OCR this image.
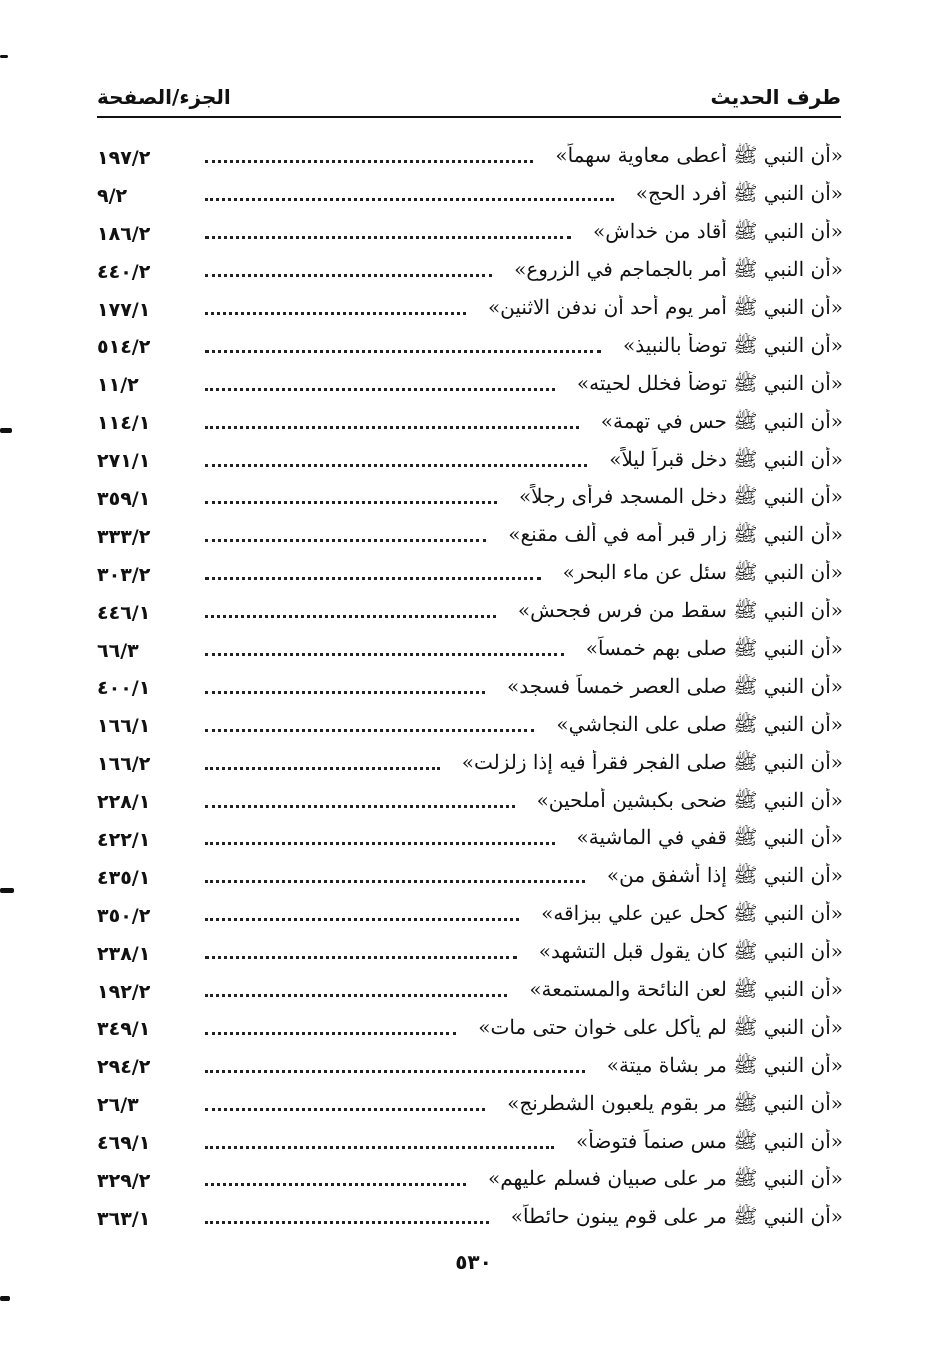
طرف الحديث
الجزء/الصفحة
«أن النبي ﷺ أعطى معاوية سهماً»
١٩٧/٢
«أن النبي ﷺ أفرد الحج»
٩/٢
«أن النبي ﷺ أقاد من خداش»
١٨٦/٢
«أن النبي ﷺ أمر بالجماجم في الزروع»
٤٤٠/٢
«أن النبي ﷺ أمر يوم أحد أن ندفن الاثنين»
١٧٧/١
«أن النبي ﷺ توضأ بالنبيذ»
٥١٤/٢
«أن النبي ﷺ توضأ فخلل لحيته»
١١/٢
«أن النبي ﷺ حس في تهمة»
١١٤/١
«أن النبي ﷺ دخل قبراً ليلاً»
٢٧١/١
«أن النبي ﷺ دخل المسجد فرأى رجلاً»
٣٥٩/١
«أن النبي ﷺ زار قبر أمه في ألف مقنع»
٣٣٣/٢
«أن النبي ﷺ سئل عن ماء البحر»
٣٠٣/٢
«أن النبي ﷺ سقط من فرس فجحش»
٤٤٦/١
«أن النبي ﷺ صلى بهم خمساً»
٦٦/٣
«أن النبي ﷺ صلى العصر خمساً فسجد»
٤٠٠/١
«أن النبي ﷺ صلى على النجاشي»
١٦٦/١
«أن النبي ﷺ صلى الفجر فقرأ فيه إذا زلزلت»
١٦٦/٢
«أن النبي ﷺ ضحى بكبشين أملحين»
٢٢٨/١
«أن النبي ﷺ قفي في الماشية»
٤٢٢/١
«أن النبي ﷺ إذا أشفق من»
٤٣٥/١
«أن النبي ﷺ كحل عين علي ببزاقه»
٣٥٠/٢
«أن النبي ﷺ كان يقول قبل التشهد»
٢٣٨/١
«أن النبي ﷺ لعن النائحة والمستمعة»
١٩٢/٢
«أن النبي ﷺ لم يأكل على خوان حتى مات»
٣٤٩/١
«أن النبي ﷺ مر بشاة ميتة»
٢٩٤/٢
«أن النبي ﷺ مر بقوم يلعبون الشطرنج»
٢٦/٣
«أن النبي ﷺ مس صنماً فتوضأ»
٤٦٩/١
«أن النبي ﷺ مر على صبيان فسلم عليهم»
٣٢٩/٢
«أن النبي ﷺ مر على قوم يبنون حائطاً»
٣٦٣/١
٥٣٠
